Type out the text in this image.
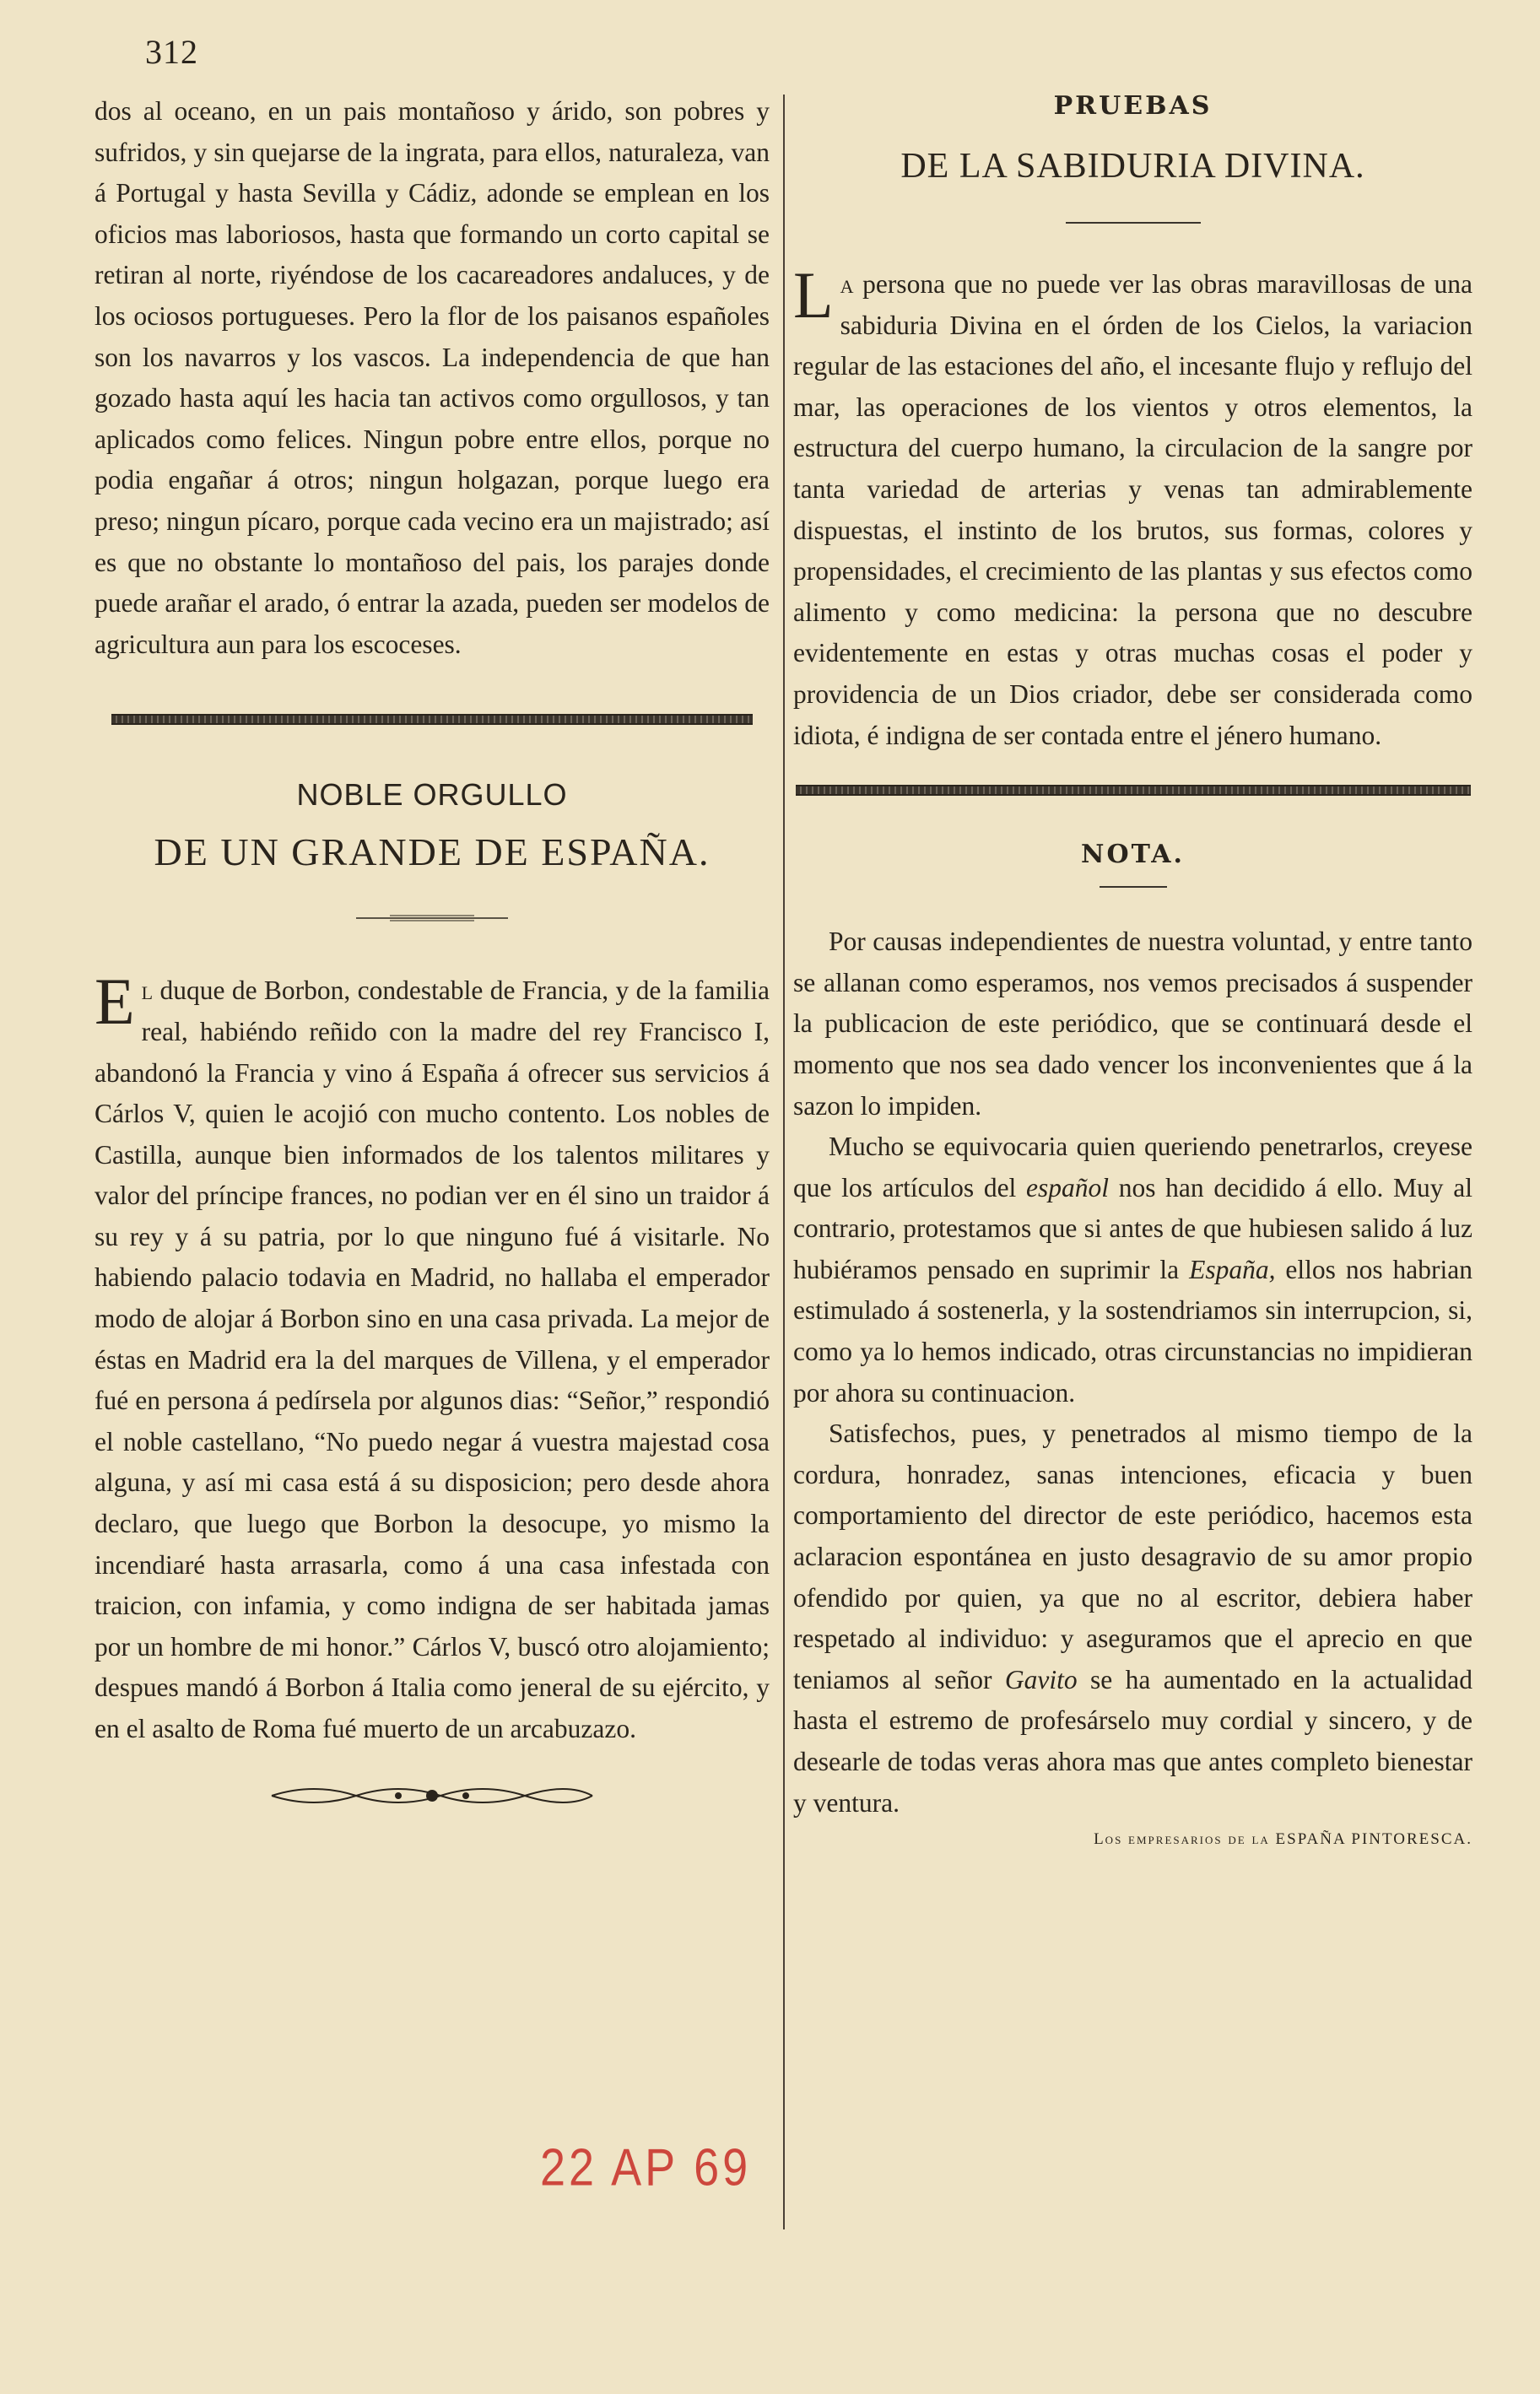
312

dos al oceano, en un pais montañoso y árido, son pobres y sufridos, y sin quejarse de la ingrata, para ellos, naturaleza, van á Portugal y hasta Sevilla y Cádiz, adonde se emplean en los oficios mas laboriosos, hasta que formando un corto capital se retiran al norte, riyéndose de los cacareadores andaluces, y de los ociosos portugueses. Pero la flor de los paisanos españoles son los navarros y los vascos. La independencia de que han gozado hasta aquí les hacia tan activos como orgullosos, y tan aplicados como felices. Ningun pobre entre ellos, porque no podia engañar á otros; ningun holgazan, porque luego era preso; ningun pícaro, porque cada vecino era un majistrado; así es que no obstante lo montañoso del pais, los parajes donde puede arañar el arado, ó entrar la azada, pueden ser modelos de agricultura aun para los escoceses.

NOBLE ORGULLO
DE UN GRANDE DE ESPAÑA.

El duque de Borbon, condestable de Francia, y de la familia real, habiéndo reñido con la madre del rey Francisco I, abandonó la Francia y vino á España á ofrecer sus servicios á Cárlos V, quien le acojió con mucho contento. Los nobles de Castilla, aunque bien informados de los talentos militares y valor del príncipe frances, no podian ver en él sino un traidor á su rey y á su patria, por lo que ninguno fué á visitarle. No habiendo palacio todavia en Madrid, no hallaba el emperador modo de alojar á Borbon sino en una casa privada. La mejor de éstas en Madrid era la del marques de Villena, y el emperador fué en persona á pedírsela por algunos dias: “Señor,” respondió el noble castellano, “No puedo negar á vuestra majestad cosa alguna, y así mi casa está á su disposicion; pero desde ahora declaro, que luego que Borbon la desocupe, yo mismo la incendiaré hasta arrasarla, como á una casa infestada con traicion, con infamia, y como indigna de ser habitada jamas por un hombre de mi honor.” Cárlos V, buscó otro alojamiento; despues mandó á Borbon á Italia como jeneral de su ejército, y en el asalto de Roma fué muerto de un arcabuzazo.

22 AP 69
PRUEBAS
DE LA SABIDURIA DIVINA.

La persona que no puede ver las obras maravillosas de una sabiduria Divina en el órden de los Cielos, la variacion regular de las estaciones del año, el incesante flujo y reflujo del mar, las operaciones de los vientos y otros elementos, la estructura del cuerpo humano, la circulacion de la sangre por tanta variedad de arterias y venas tan admirablemente dispuestas, el instinto de los brutos, sus formas, colores y propensidades, el crecimiento de las plantas y sus efectos como alimento y como medicina: la persona que no descubre evidentemente en estas y otras muchas cosas el poder y providencia de un Dios criador, debe ser considerada como idiota, é indigna de ser contada entre el jénero humano.

NOTA.

Por causas independientes de nuestra voluntad, y entre tanto se allanan como esperamos, nos vemos precisados á suspender la publicacion de este periódico, que se continuará desde el momento que nos sea dado vencer los inconvenientes que á la sazon lo impiden.

Mucho se equivocaria quien queriendo penetrarlos, creyese que los artículos del español nos han decidido á ello. Muy al contrario, protestamos que si antes de que hubiesen salido á luz hubiéramos pensado en suprimir la España, ellos nos habrian estimulado á sostenerla, y la sostendriamos sin interrupcion, si, como ya lo hemos indicado, otras circunstancias no impidieran por ahora su continuacion.

Satisfechos, pues, y penetrados al mismo tiempo de la cordura, honradez, sanas intenciones, eficacia y buen comportamiento del director de este periódico, hacemos esta aclaracion espontánea en justo desagravio de su amor propio ofendido por quien, ya que no al escritor, debiera haber respetado al individuo: y aseguramos que el aprecio en que teniamos al señor Gavito se ha aumentado en la actualidad hasta el estremo de profesárselo muy cordial y sincero, y de desearle de todas veras ahora mas que antes completo bienestar y ventura.

Los empresarios de la ESPAÑA PINTORESCA.
